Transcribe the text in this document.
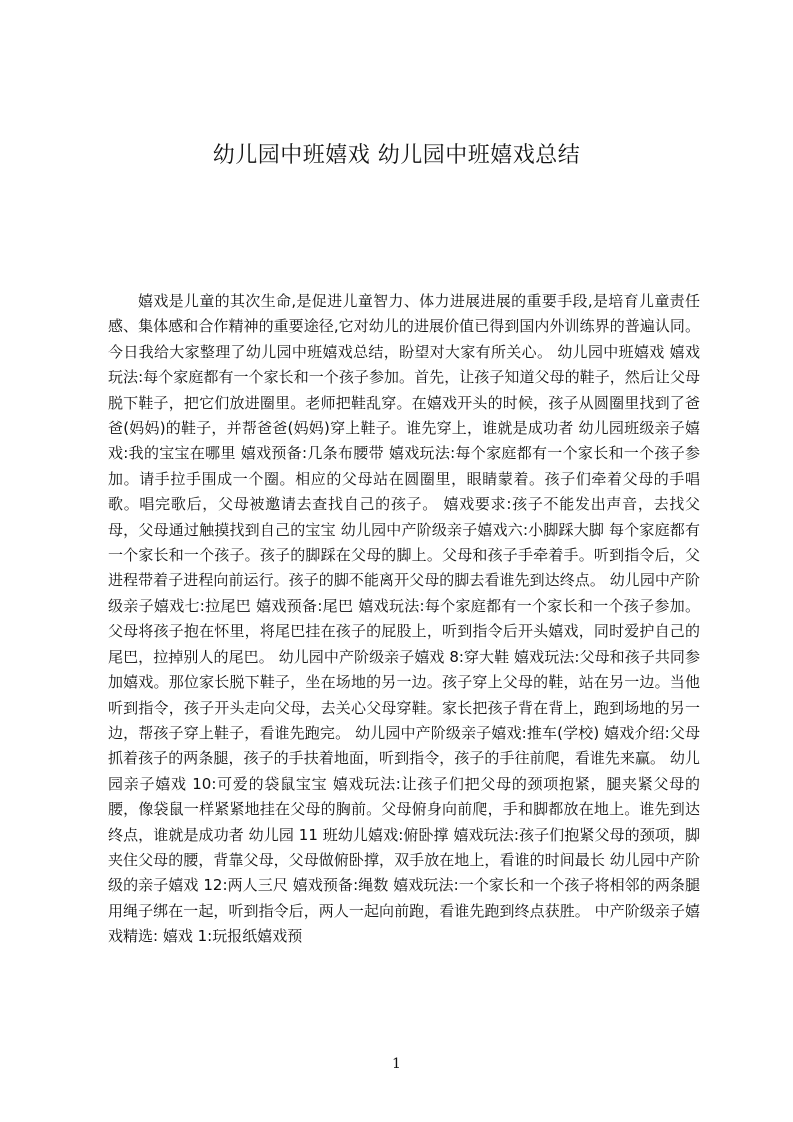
幼儿园中班嬉戏 幼儿园中班嬉戏总结

嬉戏是儿童的其次生命,是促进儿童智力、体力进展进展的重要手段,是培育儿童责任感、集体感和合作精神的重要途径,它对幼儿的进展价值已得到国内外训练界的普遍认同。今日我给大家整理了幼儿园中班嬉戏总结，盼望对大家有所关心。 幼儿园中班嬉戏 嬉戏玩法:每个家庭都有一个家长和一个孩子参加。首先，让孩子知道父母的鞋子，然后让父母脱下鞋子，把它们放进圈里。老师把鞋乱穿。在嬉戏开头的时候，孩子从圆圈里找到了爸爸(妈妈)的鞋子，并帮爸爸(妈妈)穿上鞋子。谁先穿上，谁就是成功者 幼儿园班级亲子嬉戏:我的宝宝在哪里 嬉戏预备:几条布腰带 嬉戏玩法:每个家庭都有一个家长和一个孩子参加。请手拉手围成一个圈。相应的父母站在圆圈里，眼睛蒙着。孩子们牵着父母的手唱歌。唱完歌后，父母被邀请去查找自己的孩子。 嬉戏要求:孩子不能发出声音，去找父母，父母通过触摸找到自己的宝宝 幼儿园中产阶级亲子嬉戏六:小脚踩大脚 每个家庭都有一个家长和一个孩子。孩子的脚踩在父母的脚上。父母和孩子手牵着手。听到指令后，父进程带着子进程向前运行。孩子的脚不能离开父母的脚去看谁先到达终点。 幼儿园中产阶级亲子嬉戏七:拉尾巴 嬉戏预备:尾巴 嬉戏玩法:每个家庭都有一个家长和一个孩子参加。父母将孩子抱在怀里，将尾巴挂在孩子的屁股上，听到指令后开头嬉戏，同时爱护自己的尾巴，拉掉别人的尾巴。 幼儿园中产阶级亲子嬉戏 8:穿大鞋 嬉戏玩法:父母和孩子共同参加嬉戏。那位家长脱下鞋子，坐在场地的另一边。孩子穿上父母的鞋，站在另一边。当他听到指令，孩子开头走向父母，去关心父母穿鞋。家长把孩子背在背上，跑到场地的另一边，帮孩子穿上鞋子，看谁先跑完。 幼儿园中产阶级亲子嬉戏:推车(学校) 嬉戏介绍:父母抓着孩子的两条腿，孩子的手扶着地面，听到指令，孩子的手往前爬，看谁先来赢。 幼儿园亲子嬉戏 10:可爱的袋鼠宝宝 嬉戏玩法:让孩子们把父母的颈项抱紧，腿夹紧父母的腰，像袋鼠一样紧紧地挂在父母的胸前。父母俯身向前爬，手和脚都放在地上。谁先到达终点，谁就是成功者 幼儿园 11 班幼儿嬉戏:俯卧撑 嬉戏玩法:孩子们抱紧父母的颈项，脚夹住父母的腰，背靠父母，父母做俯卧撑，双手放在地上，看谁的时间最长 幼儿园中产阶级的亲子嬉戏 12:两人三尺 嬉戏预备:绳数 嬉戏玩法:一个家长和一个孩子将相邻的两条腿用绳子绑在一起，听到指令后，两人一起向前跑，看谁先跑到终点获胜。 中产阶级亲子嬉戏精选: 嬉戏 1:玩报纸嬉戏预

1
